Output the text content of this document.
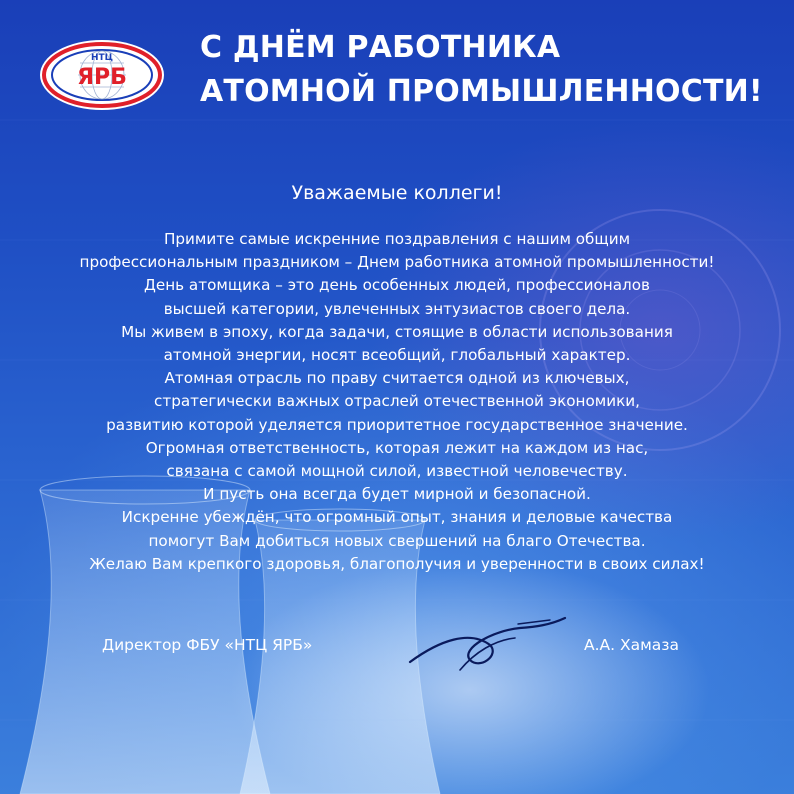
НТЦ
ЯРБ
С ДНЁМ РАБОТНИКА
АТОМНОЙ ПРОМЫШЛЕННОСТИ!
Уважаемые коллеги!
Примите самые искренние поздравления с нашим общим
профессиональным праздником – Днем работника атомной промышленности!
День атомщика – это день особенных людей, профессионалов
высшей категории, увлеченных энтузиастов своего дела.
Мы живем в эпоху, когда задачи, стоящие в области использования
атомной энергии, носят всеобщий, глобальный характер.
Атомная отрасль по праву считается одной из ключевых,
стратегически важных отраслей отечественной экономики,
развитию которой уделяется приоритетное государственное значение.
Огромная ответственность, которая лежит на каждом из нас,
связана с самой мощной силой, известной человечеству.
И пусть она всегда будет мирной и безопасной.
Искренне убеждён, что огромный опыт, знания и деловые качества
помогут Вам добиться новых свершений на благо Отечества.
Желаю Вам крепкого здоровья, благополучия и уверенности в своих силах!
Директор ФБУ «НТЦ ЯРБ»	А.А. Хамаза
